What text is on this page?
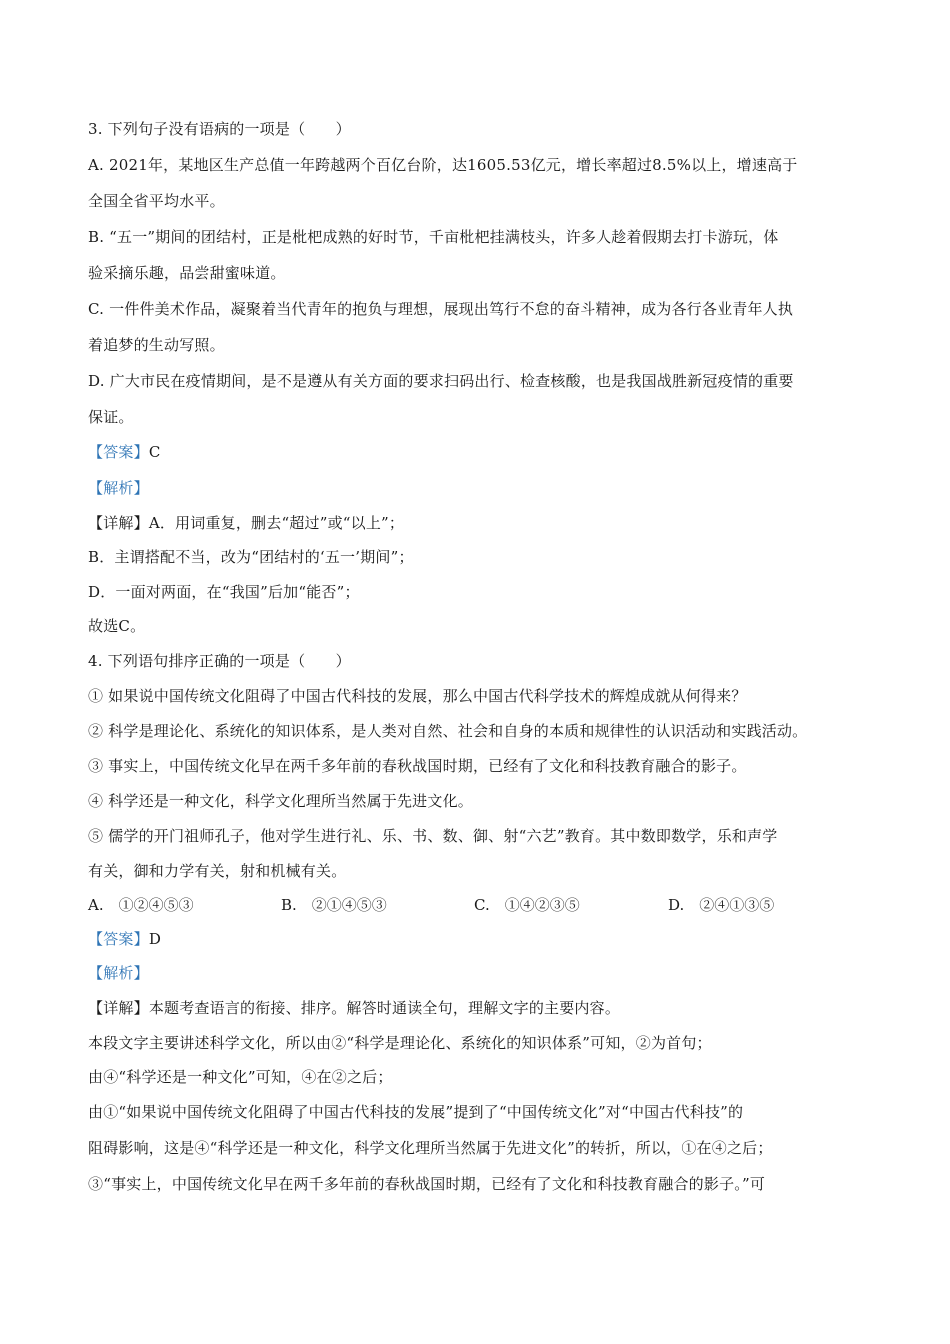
3. 下列句子没有语病的一项是（　　）
A. 2021年，某地区生产总值一年跨越两个百亿台阶，达1605.53亿元，增长率超过8.5%以上，增速高于
全国全省平均水平。
B. “五一”期间的团结村，正是枇杷成熟的好时节，千亩枇杷挂满枝头，许多人趁着假期去打卡游玩，体
验采摘乐趣，品尝甜蜜味道。
C. 一件件美术作品，凝聚着当代青年的抱负与理想，展现出笃行不怠的奋斗精神，成为各行各业青年人执
着追梦的生动写照。
D. 广大市民在疫情期间，是不是遵从有关方面的要求扫码出行、检查核酸，也是我国战胜新冠疫情的重要
保证。
【答案】C
【解析】
【详解】A．用词重复，删去“超过”或“以上”；
B．主谓搭配不当，改为“团结村的‘五一’期间”；
D．一面对两面，在“我国”后加“能否”；
故选C。
4. 下列语句排序正确的一项是（　　）
① 如果说中国传统文化阻碍了中国古代科技的发展，那么中国古代科学技术的辉煌成就从何得来？
② 科学是理论化、系统化的知识体系，是人类对自然、社会和自身的本质和规律性的认识活动和实践活动。
③ 事实上，中国传统文化早在两千多年前的春秋战国时期，已经有了文化和科技教育融合的影子。
④ 科学还是一种文化，科学文化理所当然属于先进文化。
⑤ 儒学的开门祖师孔子，他对学生进行礼、乐、书、数、御、射“六艺”教育。其中数即数学，乐和声学
有关，御和力学有关，射和机械有关。
A.　①②④⑤③	B.　②①④⑤③	C.　①④②③⑤	D.　②④①③⑤
【答案】D
【解析】
【详解】本题考查语言的衔接、排序。解答时通读全句，理解文字的主要内容。
本段文字主要讲述科学文化，所以由②“科学是理论化、系统化的知识体系”可知，②为首句；
由④“科学还是一种文化”可知，④在②之后；
由①“如果说中国传统文化阻碍了中国古代科技的发展”提到了“中国传统文化”对“中国古代科技”的
阻碍影响，这是④“科学还是一种文化，科学文化理所当然属于先进文化”的转折，所以，①在④之后；
③“事实上，中国传统文化早在两千多年前的春秋战国时期，已经有了文化和科技教育融合的影子。”可
